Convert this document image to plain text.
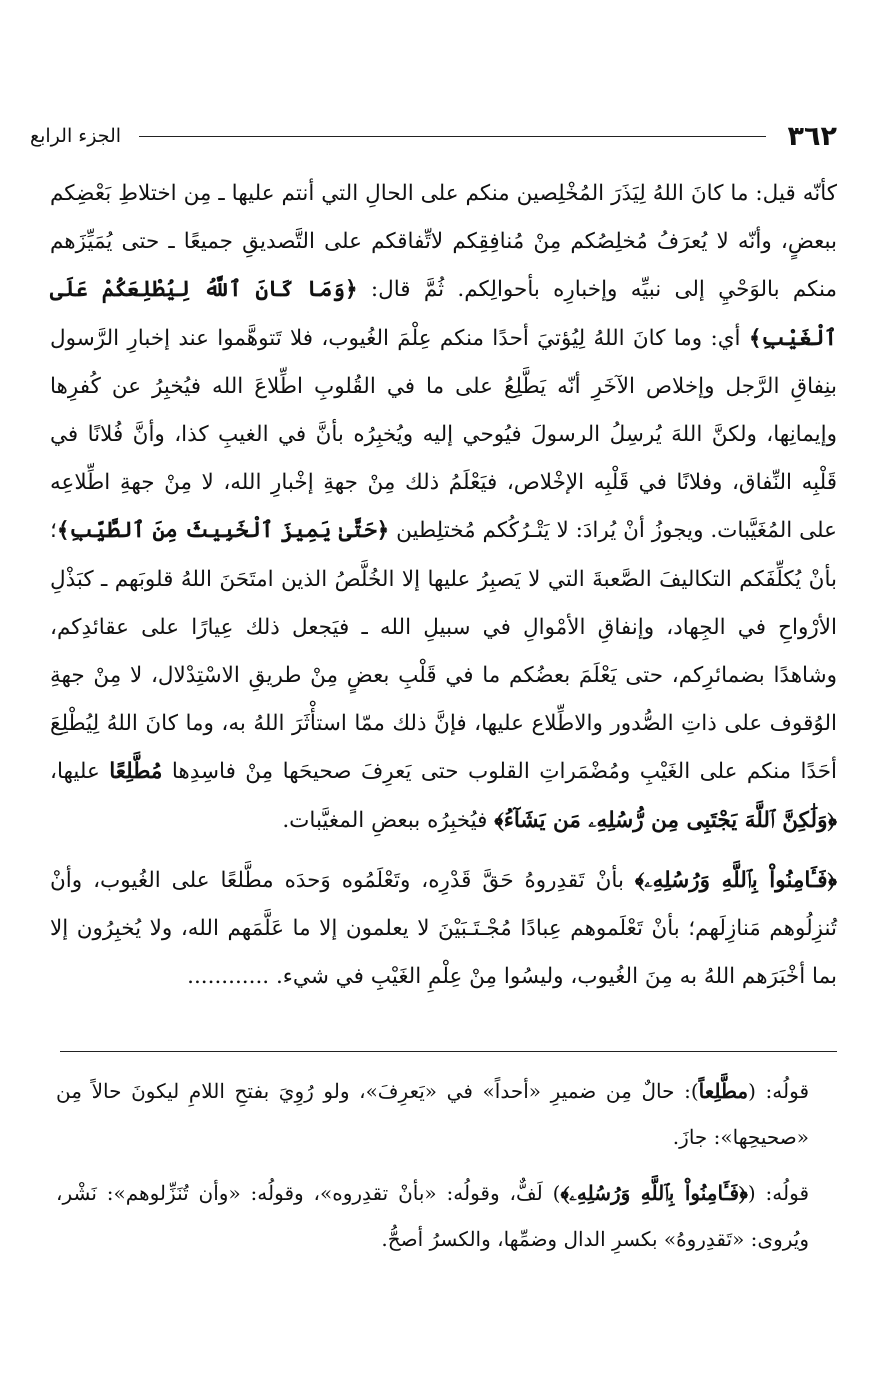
٣٦٢
الجزء الرابع

كأنّه قيل: ما كانَ اللهُ لِيَذَرَ المُخْلِصين منكم على الحالِ التي أنتم عليها ـ مِن اختلاطِ بَعْضِكم ببعضٍ، وأنّه لا يُعرَفُ مُخلِصُكم مِنْ مُنافِقِكم لاتِّفاقكم على التَّصديقِ جميعًا ـ حتى يُمَيِّزَهم منكم بالوَحْيِ إلى نبيِّه وإخبارِه بأحوالِكم. ثُمَّ قال: ﴿وَمَا كَانَ ٱللَّهُ لِيُطْلِعَكُمْ عَلَى ٱلْغَيْبِ﴾ أي: وما كانَ اللهُ لِيُؤتيَ أحدًا منكم عِلْمَ الغُيوب، فلا تَتوهَّموا عند إخبارِ الرَّسول بنِفاقِ الرَّجل وإخلاص الآخَرِ أنّه يَطَّلِعُ على ما في القُلوبِ اطِّلاعَ الله فيُخبِرُ عن كُفرِها وإيمانِها، ولكنَّ اللهَ يُرسِلُ الرسولَ فيُوحي إليه ويُخبِرُه بأنَّ في الغيبِ كذا، وأنَّ فُلانًا في قَلْبِه النِّفاق، وفلانًا في قَلْبِه الإخْلاص، فيَعْلَمُ ذلك مِنْ جهةِ إخْبارِ الله، لا مِنْ جهةِ اطِّلاعِه على المُغَيَّبات. ويجوزُ أنْ يُرادَ: لا يَتْـرُكُكم مُختلِطين ﴿حَتَّىٰ يَمِيزَ ٱلْخَبِيثَ مِنَ ٱلطَّيِّبِ﴾؛ بأنْ يُكلِّفَكم التكاليفَ الصَّعبةَ التي لا يَصبِرُ عليها إلا الخُلَّصُ الذين امتَحَنَ اللهُ قلوبَهم ـ كبَذْلِ الأرْواحِ في الجِهاد، وإنفاقِ الأمْوالِ في سبيلِ الله ـ فيَجعل ذلك عِيارًا على عقائدِكم، وشاهدًا بضمائرِكم، حتى يَعْلَمَ بعضُكم ما في قَلْبِ بعضٍ مِنْ طريقِ الاسْتِدْلال، لا مِنْ جهةِ الوُقوف على ذاتِ الصُّدور والاطِّلاع عليها، فإنَّ ذلك ممّا استأْثَرَ اللهُ به، وما كانَ اللهُ لِيُطْلِعَ أحَدًا منكم على الغَيْبِ ومُضْمَراتِ القلوب حتى يَعرِفَ صحيحَها مِنْ فاسِدِها مُطَّلِعًا عليها، ﴿وَلَٰكِنَّ ٱللَّهَ يَجْتَبِى مِن رُّسُلِهِۦ مَن يَشَآءُ﴾ فيُخبِرُه ببعضِ المغيَّبات.

﴿فَـَٔامِنُواْ بِٱللَّهِ وَرُسُلِهِۦ﴾ بأنْ تَقدِروهُ حَقَّ قَدْرِه، وتَعْلَمُوه وَحدَه مطَّلعًا على الغُيوب، وأنْ تُنزِلُوهم مَنازِلَهم؛ بأنْ تَعْلَموهم عِبادًا مُجْـتَـبَيْنَ لا يعلمون إلا ما عَلَّمَهم الله، ولا يُخبِرُون إلا بما أخْبَرَهم اللهُ به مِنَ الغُيوب، وليسُوا مِنْ عِلْمِ الغَيْبِ في شيء. ............

قولُه: (مطَّلِعاً): حالٌ مِن ضميرِ «أحداً» في «يَعرِفَ»، ولو رُوِيَ بفتحِ اللامِ ليكونَ حالاً مِن «صحيحِها»: جازَ.

قولُه: (﴿فَـَٔامِنُواْ بِٱللَّهِ وَرُسُلِهِۦ﴾) لَفٌّ، وقولُه: «بأنْ تقدِروه»، وقولُه: «وأن تُنَزِّلوهم»: نَشْر، ويُروى: «تَقدِروهُ» بكسرِ الدال وضمِّها، والكسرُ أصحُّ.
